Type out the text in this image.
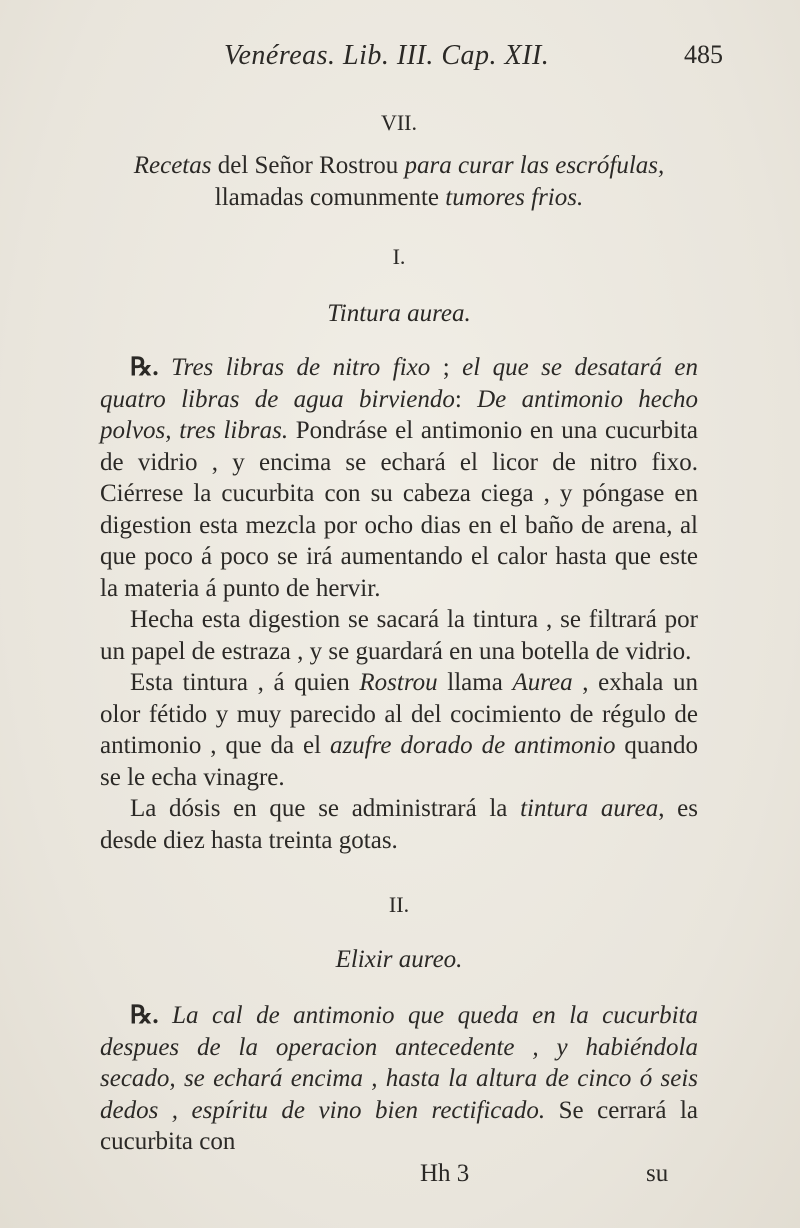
Venéreas. Lib. III. Cap. XII.	485
VII.
Recetas del Señor Rostrou para curar las escrófulas,
llamadas comunmente tumores frios.
I.
Tintura aurea.

℞. Tres libras de nitro fixo ; el que se desatará en quatro libras de agua birviendo: De antimonio hecho polvos, tres libras. Pondráse el antimonio en una cucurbita de vidrio , y encima se echará el licor de nitro fixo. Ciérrese la cucurbita con su cabeza ciega , y póngase en digestion esta mezcla por ocho dias en el baño de arena, al que poco á poco se irá aumentando el calor hasta que este la materia á punto de hervir.

Hecha esta digestion se sacará la tintura , se filtrará por un papel de estraza , y se guardará en una botella de vidrio.

Esta tintura , á quien Rostrou llama Aurea , exhala un olor fétido y muy parecido al del cocimiento de régulo de antimonio , que da el azufre dorado de antimonio quando se le echa vinagre.

La dósis en que se administrará la tintura aurea, es desde diez hasta treinta gotas.

II.
Elixir aureo.

℞. La cal de antimonio que queda en la cucurbita despues de la operacion antecedente , y habiéndola secado, se echará encima , hasta la altura de cinco ó seis dedos , espíritu de vino bien rectificado. Se cerrará la cucurbita con

Hh 3	su
